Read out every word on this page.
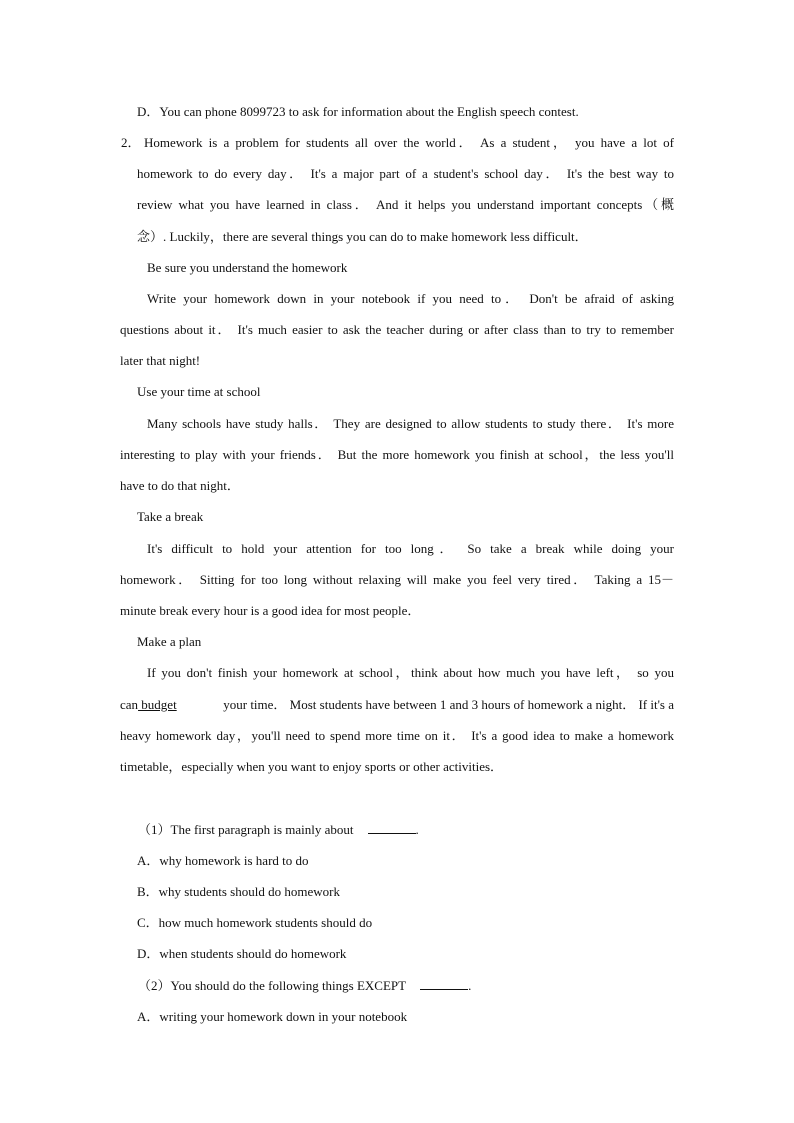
D．You can phone 8099723 to ask for information about the English speech contest.
2． Homework is a problem for students all over the world． As a student， you have a lot of
homework to do every day． It's a major part of a student's school day． It's the best way to
review what you have learned in class． And it helps you understand important concepts（概
念）. Luckily，there are several things you can do to make homework less difficult．
Be sure you understand the homework
Write your homework down in your notebook if you need to． Don't be afraid of asking
questions about it． It's much easier to ask the teacher during or after class than to try to remember
later that night!
Use your time at school
Many schools have study halls． They are designed to allow students to study there． It's more
interesting to play with your friends． But the more homework you finish at school，the less you'll
have to do that night．
Take a break
It's difficult to hold your attention for too long． So take a break while doing your
homework． Sitting for too long without relaxing will make you feel very tired． Taking a 15－
minute break every hour is a good idea for most people．
Make a plan
If you don't finish your homework at school，think about how much you have left， so you
can budget	your time． Most students have between 1 and 3 hours of homework a night． If it's a
heavy homework day，you'll need to spend more time on it． It's a good idea to make a homework
timetable，especially when you want to enjoy sports or other activities．
（1）The first paragraph is mainly about	.
A．why homework is hard to do
B．why students should do homework
C．how much homework students should do
D．when students should do homework
（2）You should do the following things EXCEPT	.
A．writing your homework down in your notebook
